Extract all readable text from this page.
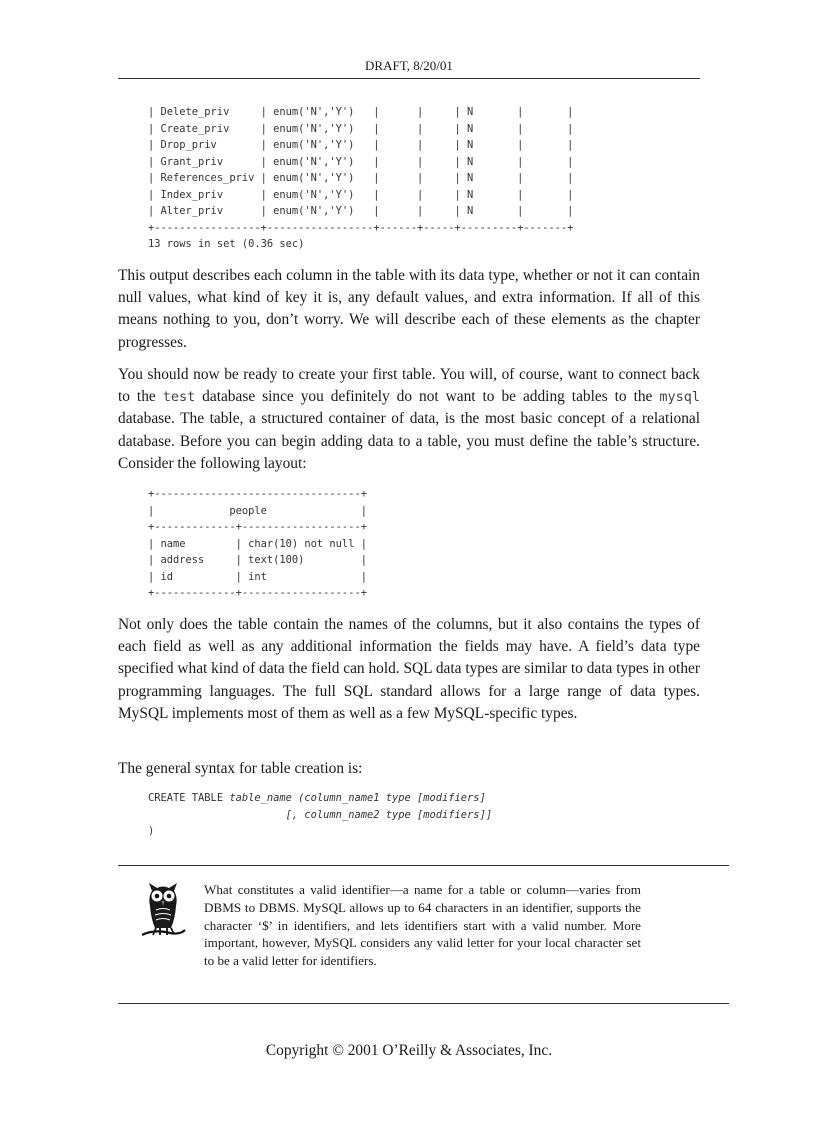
DRAFT, 8/20/01
| Delete_priv     | enum('N','Y')   |      |     | N       |       |
| Create_priv     | enum('N','Y')   |      |     | N       |       |
| Drop_priv       | enum('N','Y')   |      |     | N       |       |
| Grant_priv      | enum('N','Y')   |      |     | N       |       |
| References_priv | enum('N','Y')   |      |     | N       |       |
| Index_priv      | enum('N','Y')   |      |     | N       |       |
| Alter_priv      | enum('N','Y')   |      |     | N       |       |
+-----------------+-----------------+------+-----+---------+-------+
13 rows in set (0.36 sec)

This output describes each column in the table with its data type, whether or not it can contain null values, what kind of key it is, any default values, and extra information. If all of this means nothing to you, don’t worry. We will describe each of these elements as the chapter progresses.

You should now be ready to create your first table. You will, of course, want to connect back to the test database since you definitely do not want to be adding tables to the mysql database. The table, a structured container of data, is the most basic concept of a relational database. Before you can begin adding data to a table, you must define the table’s structure. Consider the following layout:

+---------------------------------+
|            people               |
+-------------+-------------------+
| name        | char(10) not null |
| address     | text(100)         |
| id          | int               |
+-------------+-------------------+

Not only does the table contain the names of the columns, but it also contains the types of each field as well as any additional information the fields may have. A field’s data type specified what kind of data the field can hold. SQL data types are similar to data types in other programming languages. The full SQL standard allows for a large range of data types. MySQL implements most of them as well as a few MySQL-specific types.

The general syntax for table creation is:

CREATE TABLE table_name (column_name1 type [modifiers]
[, column_name2 type [modifiers]]
)

What constitutes a valid identifier—a name for a table or column—varies from DBMS to DBMS. MySQL allows up to 64 characters in an identifier, supports the character ‘$’ in identifiers, and lets identifiers start with a valid number. More important, however, MySQL considers any valid letter for your local character set to be a valid letter for identifiers.

Copyright © 2001 O’Reilly & Associates, Inc.
